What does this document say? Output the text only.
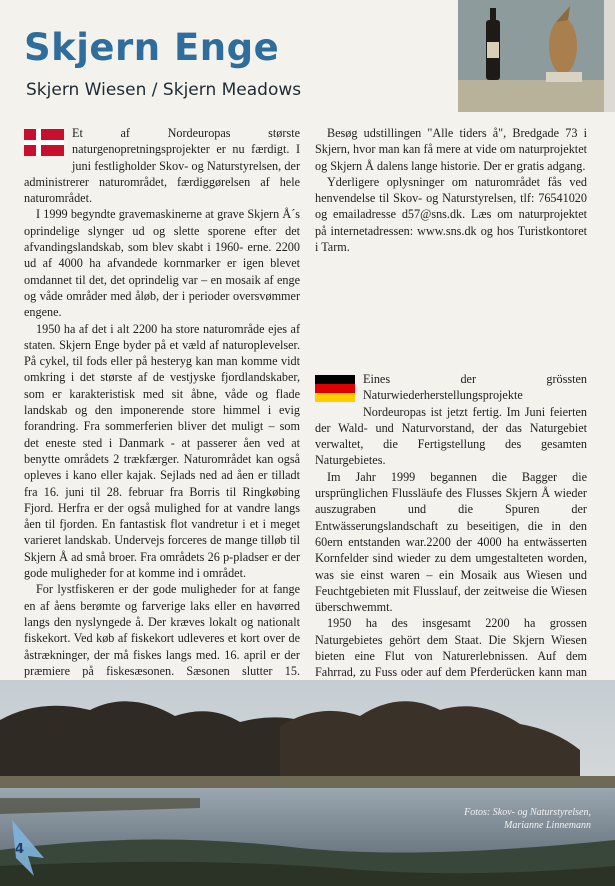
Skjern Enge
Skjern Wiesen / Skjern Meadows

Et af Nordeuropas største naturgenopretningsprojekter er nu færdigt. I juni festligholder Skov- og Naturstyrelsen, der administrerer naturområdet, færdiggørelsen af hele naturområdet.

I 1999 begyndte gravemaskinerne at grave Skjern Å´s oprindelige slynger ud og slette sporene efter det afvandingslandskab, som blev skabt i 1960- erne. 2200 ud af 4000 ha afvandede kornmarker er igen blevet omdannet til det, det oprindelig var – en mosaik af enge og våde områder med åløb, der i perioder oversvømmer engene.

1950 ha af det i alt 2200 ha store naturområde ejes af staten. Skjern Enge byder på et væld af naturoplevelser. På cykel, til fods eller på hesteryg kan man komme vidt omkring i det største af de vestjyske fjordlandskaber, som er karakteristisk med sit åbne, våde og flade landskab og den imponerende store himmel i evig forandring. Fra sommerferien bliver det muligt – som det eneste sted i Danmark - at passerer åen ved at benytte områdets 2 trækfærger. Naturområdet kan også opleves i kano eller kajak. Sejlads ned ad åen er tilladt fra 16. juni til 28. februar fra Borris til Ringkøbing Fjord. Herfra er der også mulighed for at vandre langs åen til fjorden. En fantastisk flot vandretur i et i meget varieret landskab. Undervejs forceres de mange tilløb til Skjern Å ad små broer. Fra områdets 26 p-pladser er der gode muligheder for at komme ind i området.

For lystfiskeren er der gode muligheder for at fange en af åens berømte og farverige laks eller en havørred langs den nyslyngede å. Der kræves lokalt og nationalt fiskekort. Ved køb af fiskekort udleveres et kort over de åstrækninger, der må fiskes langs med. 16. april er der præmiere på fiskesæsonen. Sæsonen slutter 15.

Besøg udstillingen "Alle tiders å", Bredgade 73 i Skjern, hvor man kan få mere at vide om naturprojektet og Skjern Å dalens lange historie. Der er gratis adgang.

Yderligere oplysninger om naturområdet fås ved henvendelse til Skov- og Naturstyrelsen, tlf: 76541020 og emailadresse d57@sns.dk. Læs om naturprojektet på internetadressen: www.sns.dk og hos Turistkontoret i Tarm.

Eines der grössten Naturwiederherstellungsprojekte Nordeuropas ist jetzt fertig. Im Juni feierten der Wald- und Naturvorstand, der das Naturgebiet verwaltet, die Fertigstellung des gesamten Naturgebietes.

Im Jahr 1999 begannen die Bagger die ursprünglichen Flussläufe des Flusses Skjern Å wieder auszugraben und die Spuren der Entwässerungslandschaft zu beseitigen, die in den 60ern entstanden war.2200 der 4000 ha entwässerten Kornfelder sind wieder zu dem umgestalteten worden, was sie einst waren – ein Mosaik aus Wiesen und Feuchtgebieten mit Flusslauf, der zeitweise die Wiesen überschwemmt.

1950 ha des insgesamt 2200 ha grossen Naturgebietes gehört dem Staat. Die Skjern Wiesen bieten eine Flut von Naturerlebnissen. Auf dem Fahrrad, zu Fuss oder auf dem Pferderücken kann man

Fotos: Skov- og Naturstyrelsen,
Marianne Linnemann
4
